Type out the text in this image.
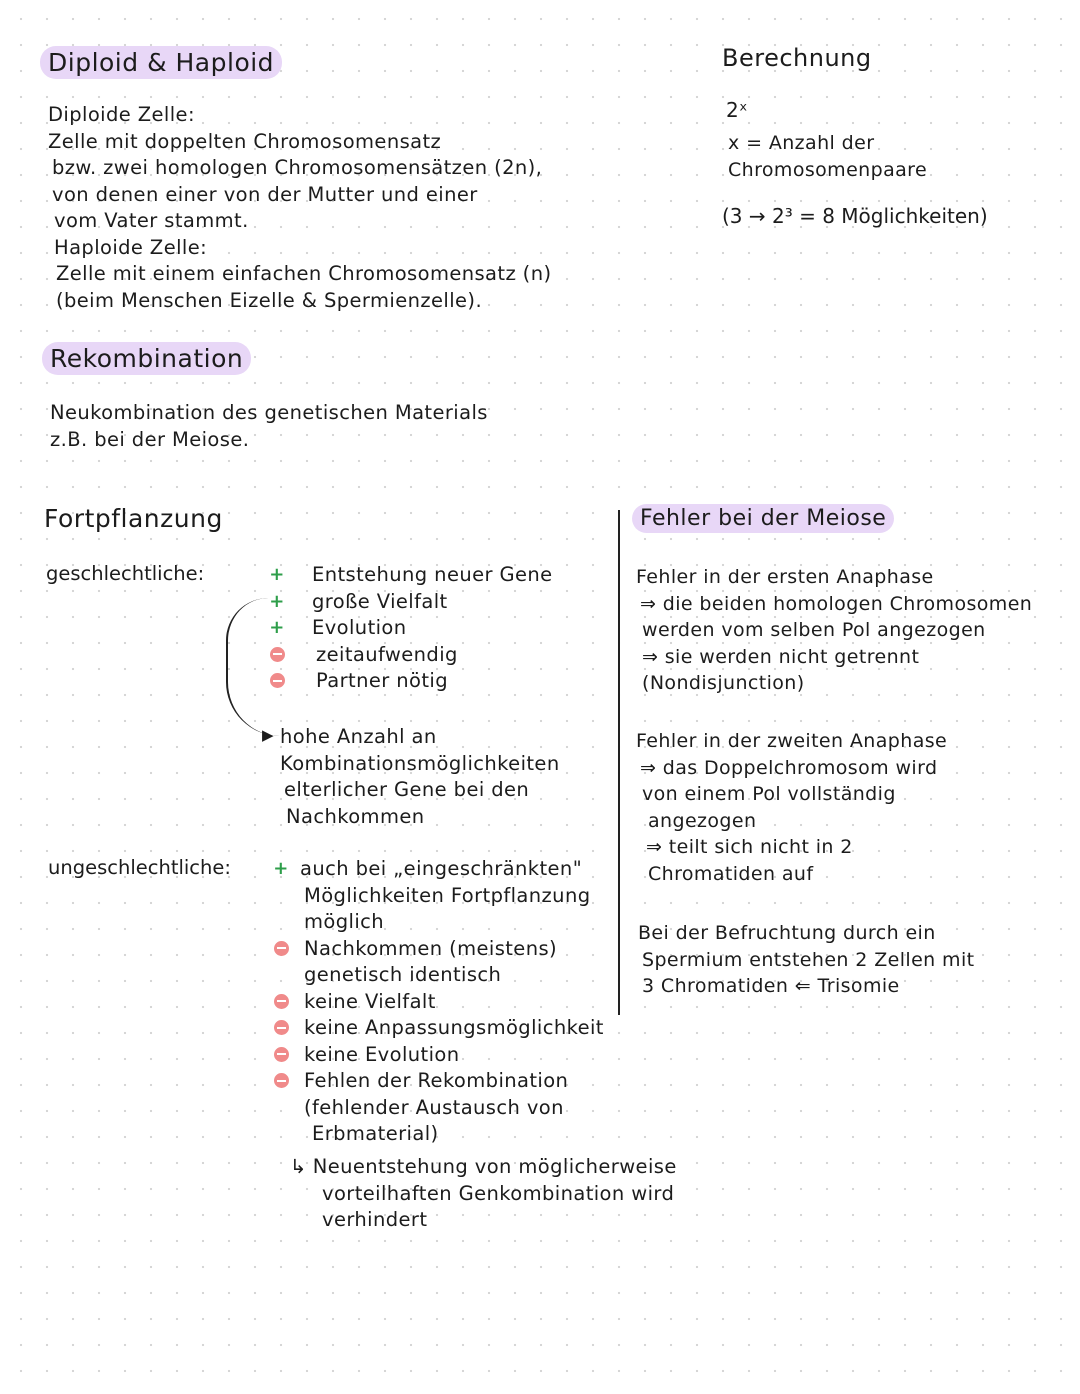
Diploid & Haploid
Diploide Zelle:
Zelle mit doppelten Chromosomensatz
bzw. zwei homologen Chromosomensätzen (2n),
von denen einer von der Mutter und einer
vom Vater stammt.
Haploide Zelle:
Zelle mit einem einfachen Chromosomensatz (n)
(beim Menschen Eizelle & Spermienzelle).
Berechnung
2ˣ
x = Anzahl der
Chromosomenpaare
(3 → 2³ = 8 Möglichkeiten)
Rekombination
Neukombination des genetischen Materials
z.B. bei der Meiose.
Fortpflanzung
geschlechtliche:	+ Entstehung neuer Gene
+ große Vielfalt
+ Evolution
zeitaufwendig
Partner nötig
▶ hohe Anzahl an
Kombinationsmöglichkeiten
elterlicher Gene bei den
Nachkommen
ungeschlechtliche: + auch bei „eingeschränkten"
Möglichkeiten Fortpflanzung
möglich
Nachkommen (meistens)
genetisch identisch
keine Vielfalt
keine Anpassungsmöglichkeit
keine Evolution
Fehlen der Rekombination
(fehlender Austausch von
Erbmaterial)
↳ Neuentstehung von möglicherweise
vorteilhaften Genkombination wird
verhindert
Fehler bei der Meiose
Fehler in der ersten Anaphase
⇒ die beiden homologen Chromosomen
werden vom selben Pol angezogen
⇒ sie werden nicht getrennt
(Nondisjunction)
Fehler in der zweiten Anaphase
⇒ das Doppelchromosom wird
von einem Pol vollständig
angezogen
⇒ teilt sich nicht in 2
Chromatiden auf
Bei der Befruchtung durch ein
Spermium entstehen 2 Zellen mit
3 Chromatiden ⇐ Trisomie
